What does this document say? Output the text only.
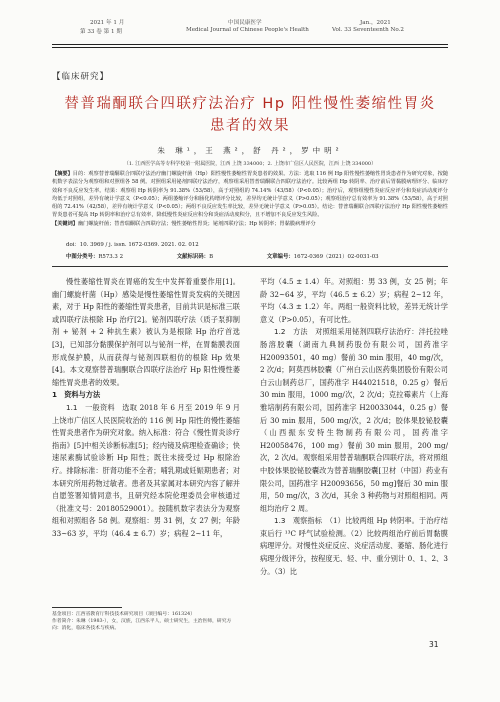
2021 年 1 月
第 33 卷 第 1 期
中国民康医学
Medical Journal of Chinese People's Health
Jan.，2021
Vol. 33 Seventeenth No.2
【临床研究】
替普瑞酮联合四联疗法治疗 Hp 阳性慢性萎缩性胃炎
患者的效果
朱 琳¹，王 燕²，舒 丹²，罗中明²
（1. 江西医学高等专科学校第一附属医院，江西 上饶 334000；2. 上饶市广信区人民医院，江西 上饶 334000）
【摘要】目的：观察替普瑞酮联合四联疗法治疗幽门螺旋杆菌（Hp）阳性慢性萎缩性胃炎患者的效果。方法：选取 116 例 Hp 阳性慢性萎缩性胃炎患者作为研究对象，按随机数字表法分为观察组和对照组各 58 例。对照组采用铋剂四联疗法治疗，观察组采用替普瑞酮联合四联疗法治疗。比较两组 Hp 转阴率、治疗前后胃黏膜病理评分、临床疗效和不良反应发生率。结果：观察组 Hp 转阴率为 91.38%（53/58），高于对照组的 74.14%（43/58）（P<0.05）；治疗后，观察组慢性炎症反应评分和炎症活动度评分均低于对照组，差异有统计学意义（P<0.05）；两组萎缩评分和肠化构增评分比较，差异均无统计学意义（P>0.05）；观察组治疗总有效率为 91.38%（53/58），高于对照组的 72.41%（42/58），差异有统计学意义（P<0.05）；两组不良反应发生率比较，差异无统计学意义（P>0.05）。结论：替普瑞酮联合四联疗法治疗 Hp 阳性慢性萎缩性胃炎患者可提高 Hp 转阴率和治疗总有效率，降低慢性炎症反应积分和炎症活动度积分，且不增加不良反应发生风险。
【关键词】幽门螺旋杆菌；替普瑞酮联合四联疗法；慢性萎缩性胃炎；铋剂四联疗法；Hp 转阴率；胃黏膜病理评分
doi：10. 3969 / j. issn. 1672-0369. 2021. 02. 012
中图分类号：R573.3 2	文献标识码：B	文章编号：1672-0369（2021）02-0031-03

慢性萎缩性胃炎在胃癌的发生中发挥着重要作用[1]。幽门螺旋杆菌（Hp）感染是慢性萎缩性胃炎发病的关键因素，对于 Hp 阳性的萎缩性胃炎患者，目前共识是标准三联或四联疗法根除 Hp 治疗[2]。铋剂四联疗法（质子泵抑制剂 + 铋剂 + 2 种抗生素）被认为是根除 Hp 治疗首选[3]，已知部分黏膜保护剂可以与铋剂一样，在胃黏膜表面形成保护膜，从而获得与铋剂四联相仿的根除 Hp 效果[4]。本文观察替普瑞酮联合四联疗法治疗 Hp 阳性慢性萎缩性胃炎患者的效果。

1　资料与方法

1.1　一般资料　 选取 2018 年 6 月至 2019 年 9 月上饶市广信区人民医院收治的 116 例 Hp 阳性的慢性萎缩性胃炎患者作为研究对象。纳入标准：符合《慢性胃炎诊疗指南》[5]中相关诊断标准[5]；经内镜及病理检查确诊；快速尿素酶试验诊断 Hp 阳性；既往未接受过 Hp 根除治疗。排除标准：肝肾功能不全者；哺乳期或妊娠期患者；对本研究所用药物过敏者。患者及其家属对本研究内容了解并自愿签署知情同意书，且研究经本院伦理委员会审核通过（批准文号：20180529001）。按随机数字表法分为观察组和对照组各 58 例。观察组：男 31 例，女 27 例；年龄 33~63 岁，平均（46.4 ± 6.7）岁；病程 2~11 年，

平均（4.5 ± 1.4）年。对照组：男 33 例，女 25 例；年龄 32~64 岁，平均（46.5 ± 6.2）岁；病程 2~12 年，平均（4.3 ± 1.2）年。两组一般资料比较，差异无统计学意义（P>0.05），有可比性。

1.2　方法　 对照组采用铋剂四联疗法治疗：泮托拉唑肠溶胶囊（湖南九典制药股份有限公司，国药准字 H20093501，40 mg）餐前 30 min 服用，40 mg/次，2 次/d；阿莫西林胶囊（广州白云山医药集团股份有限公司白云山制药总厂，国药准字 H44021518，0.25 g）餐后 30 min 服用，1000 mg/次，2 次/d；克拉霉素片（上海雅培制药有限公司，国药准字 H20033044，0.25 g）餐后 30 min 服用，500 mg/次，2 次/d；胶体果胶铋胶囊（山西振东安特生物制药有限公司，国药准字 H20058476，100 mg）餐前 30 min 服用，200 mg/次，2 次/d。观察组采用替普瑞酮联合四联疗法，将对照组中胶体果胶铋胶囊改为替普瑞酮胶囊[卫材（中国）药业有限公司，国药准字 H20093656，50 mg]餐后 30 min 服用，50 mg/次，3 次/d，其余 3 种药物与对照组相同。两组均治疗 2 周。

1.3　观察指标　 （1）比较两组 Hp 转阴率。于治疗结束后行 ¹³C 呼气试验检测。（2）比较两组治疗前后胃黏膜病理评分。对慢性炎症反应、炎症活动度、萎缩、肠化进行病理分级评分，按程度无、轻、中、重分别计 0、1、2、3 分。（3）比

基金项目：江西省教育厅科技技术研究项目（项目编号：161324）
作者简介：朱琳（1983-），女，汉族，江西乐平人，硕士研究生，主治医师，研究方向：消化，临床各技术与疾病。
31
